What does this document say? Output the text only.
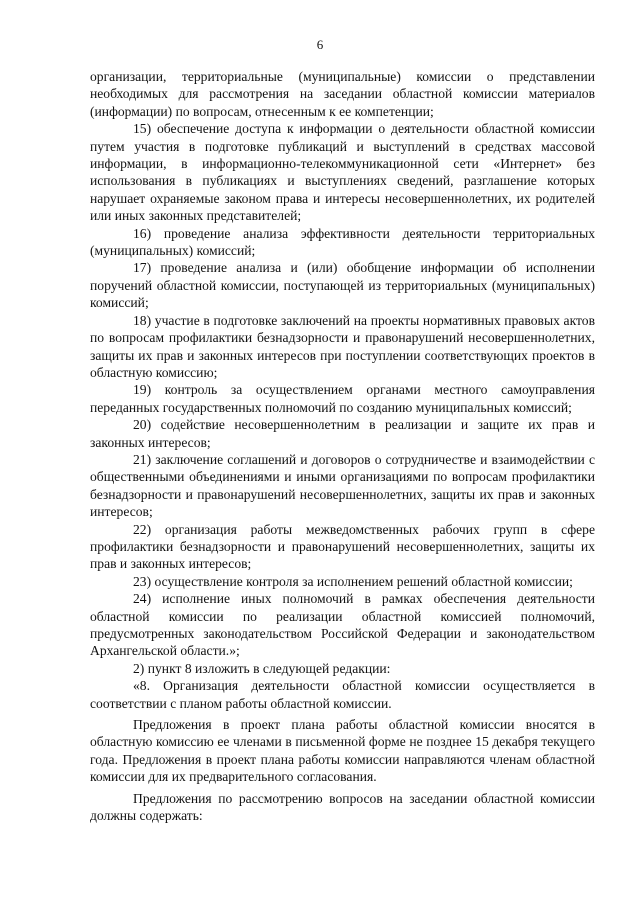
6

организации, территориальные (муниципальные) комиссии о представлении необходимых для рассмотрения на заседании областной комиссии материалов (информации) по вопросам, отнесенным к ее компетенции;

15) обеспечение доступа к информации о деятельности областной комиссии путем участия в подготовке публикаций и выступлений в средствах массовой информации, в информационно-телекоммуникационной сети «Интернет» без использования в публикациях и выступлениях сведений, разглашение которых нарушает охраняемые законом права и интересы несовершеннолетних, их родителей или иных законных представителей;

16) проведение анализа эффективности деятельности территориальных (муниципальных) комиссий;

17) проведение анализа и (или) обобщение информации об исполнении поручений областной комиссии, поступающей из территориальных (муниципальных) комиссий;

18) участие в подготовке заключений на проекты нормативных правовых актов по вопросам профилактики безнадзорности и правонарушений несовершеннолетних, защиты их прав и законных интересов при поступлении соответствующих проектов в областную комиссию;

19) контроль за осуществлением органами местного самоуправления переданных государственных полномочий по созданию муниципальных комиссий;

20) содействие несовершеннолетним в реализации и защите их прав и законных интересов;

21) заключение соглашений и договоров о сотрудничестве и взаимодействии с общественными объединениями и иными организациями по вопросам профилактики безнадзорности и правонарушений несовершеннолетних, защиты их прав и законных интересов;

22) организация работы межведомственных рабочих групп в сфере профилактики безнадзорности и правонарушений несовершеннолетних, защиты их прав и законных интересов;

23) осуществление контроля за исполнением решений областной комиссии;

24) исполнение иных полномочий в рамках обеспечения деятельности областной комиссии по реализации областной комиссией полномочий, предусмотренных законодательством Российской Федерации и законодательством Архангельской области.»;

2) пункт 8 изложить в следующей редакции:

«8. Организация деятельности областной комиссии осуществляется в соответствии с планом работы областной комиссии.

Предложения в проект плана работы областной комиссии вносятся в областную комиссию ее членами в письменной форме не позднее 15 декабря текущего года. Предложения в проект плана работы комиссии направляются членам областной комиссии для их предварительного согласования.

Предложения по рассмотрению вопросов на заседании областной комиссии должны содержать:
